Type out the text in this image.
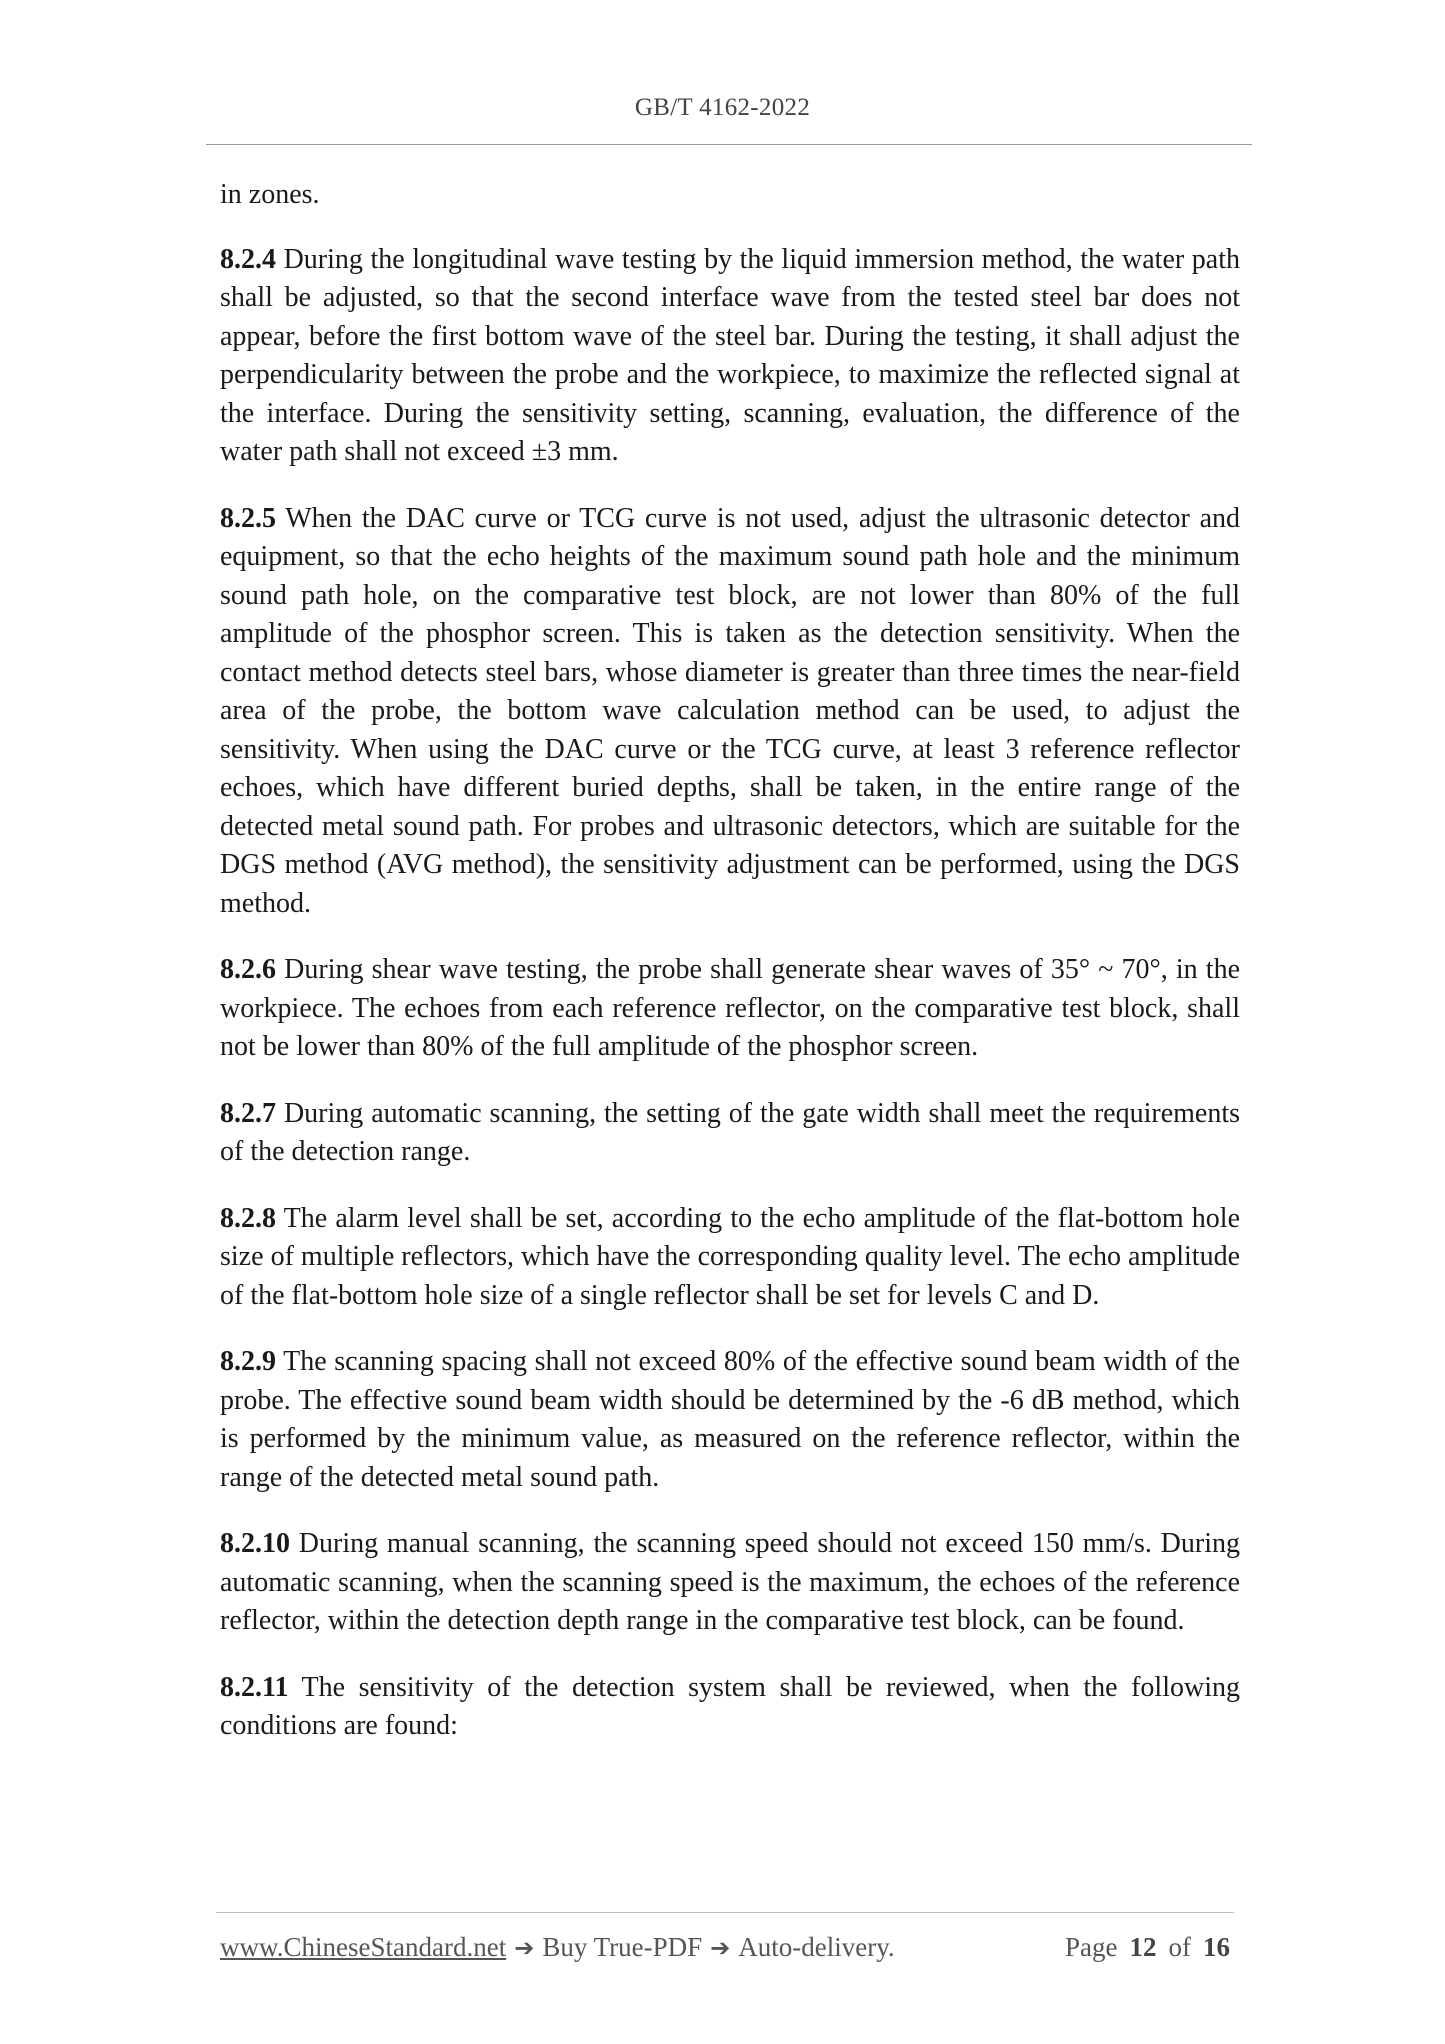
GB/T 4162-2022

in zones.

8.2.4 During the longitudinal wave testing by the liquid immersion method, the water path shall be adjusted, so that the second interface wave from the tested steel bar does not appear, before the first bottom wave of the steel bar. During the testing, it shall adjust the perpendicularity between the probe and the workpiece, to maximize the reflected signal at the interface. During the sensitivity setting, scanning, evaluation, the difference of the water path shall not exceed ±3 mm.

8.2.5 When the DAC curve or TCG curve is not used, adjust the ultrasonic detector and equipment, so that the echo heights of the maximum sound path hole and the minimum sound path hole, on the comparative test block, are not lower than 80% of the full amplitude of the phosphor screen. This is taken as the detection sensitivity. When the contact method detects steel bars, whose diameter is greater than three times the near-field area of the probe, the bottom wave calculation method can be used, to adjust the sensitivity. When using the DAC curve or the TCG curve, at least 3 reference reflector echoes, which have different buried depths, shall be taken, in the entire range of the detected metal sound path. For probes and ultrasonic detectors, which are suitable for the DGS method (AVG method), the sensitivity adjustment can be performed, using the DGS method.

8.2.6 During shear wave testing, the probe shall generate shear waves of 35° ~ 70°, in the workpiece. The echoes from each reference reflector, on the comparative test block, shall not be lower than 80% of the full amplitude of the phosphor screen.

8.2.7 During automatic scanning, the setting of the gate width shall meet the requirements of the detection range.

8.2.8 The alarm level shall be set, according to the echo amplitude of the flat-bottom hole size of multiple reflectors, which have the corresponding quality level. The echo amplitude of the flat-bottom hole size of a single reflector shall be set for levels C and D.

8.2.9 The scanning spacing shall not exceed 80% of the effective sound beam width of the probe. The effective sound beam width should be determined by the -6 dB method, which is performed by the minimum value, as measured on the reference reflector, within the range of the detected metal sound path.

8.2.10 During manual scanning, the scanning speed should not exceed 150 mm/s. During automatic scanning, when the scanning speed is the maximum, the echoes of the reference reflector, within the detection depth range in the comparative test block, can be found.

8.2.11 The sensitivity of the detection system shall be reviewed, when the following conditions are found:

www.ChineseStandard.net ➔ Buy True-PDF ➔ Auto-delivery.	Page 12 of 16
